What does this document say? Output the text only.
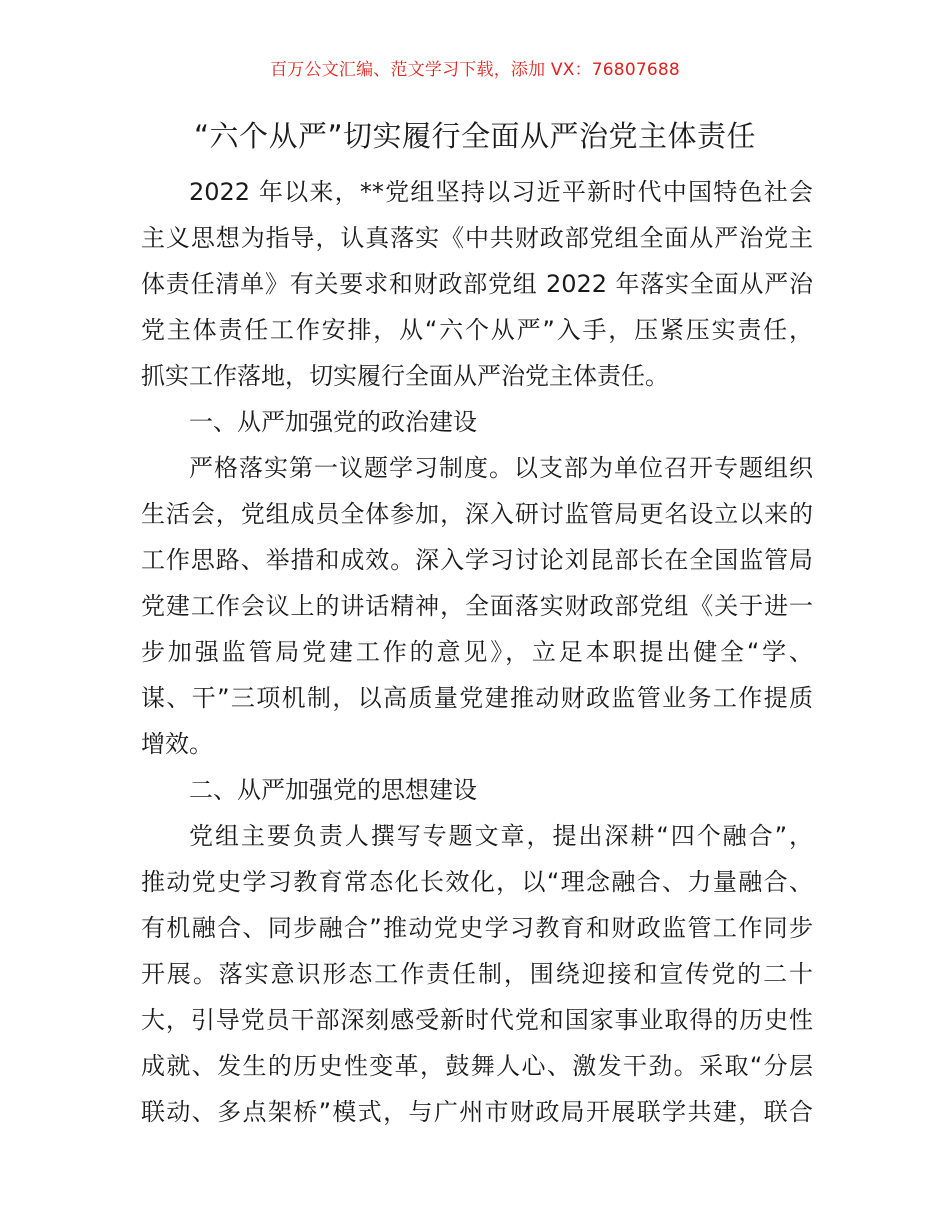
百万公文汇编、范文学习下载，添加 VX：76807688
“六个从严”切实履行全面从严治党主体责任
2022 年以来，**党组坚持以习近平新时代中国特色社会
主义思想为指导，认真落实《中共财政部党组全面从严治党主
体责任清单》有关要求和财政部党组 2022 年落实全面从严治
党主体责任工作安排，从“六个从严”入手，压紧压实责任，
抓实工作落地，切实履行全面从严治党主体责任。
一、从严加强党的政治建设
严格落实第一议题学习制度。以支部为单位召开专题组织
生活会，党组成员全体参加，深入研讨监管局更名设立以来的
工作思路、举措和成效。深入学习讨论刘昆部长在全国监管局
党建工作会议上的讲话精神，全面落实财政部党组《关于进一
步加强监管局党建工作的意见》，立足本职提出健全“学、
谋、干”三项机制，以高质量党建推动财政监管业务工作提质
增效。
二、从严加强党的思想建设
党组主要负责人撰写专题文章，提出深耕“四个融合”，
推动党史学习教育常态化长效化，以“理念融合、力量融合、
有机融合、同步融合”推动党史学习教育和财政监管工作同步
开展。落实意识形态工作责任制，围绕迎接和宣传党的二十
大，引导党员干部深刻感受新时代党和国家事业取得的历史性
成就、发生的历史性变革，鼓舞人心、激发干劲。采取“分层
联动、多点架桥”模式，与广州市财政局开展联学共建，联合
